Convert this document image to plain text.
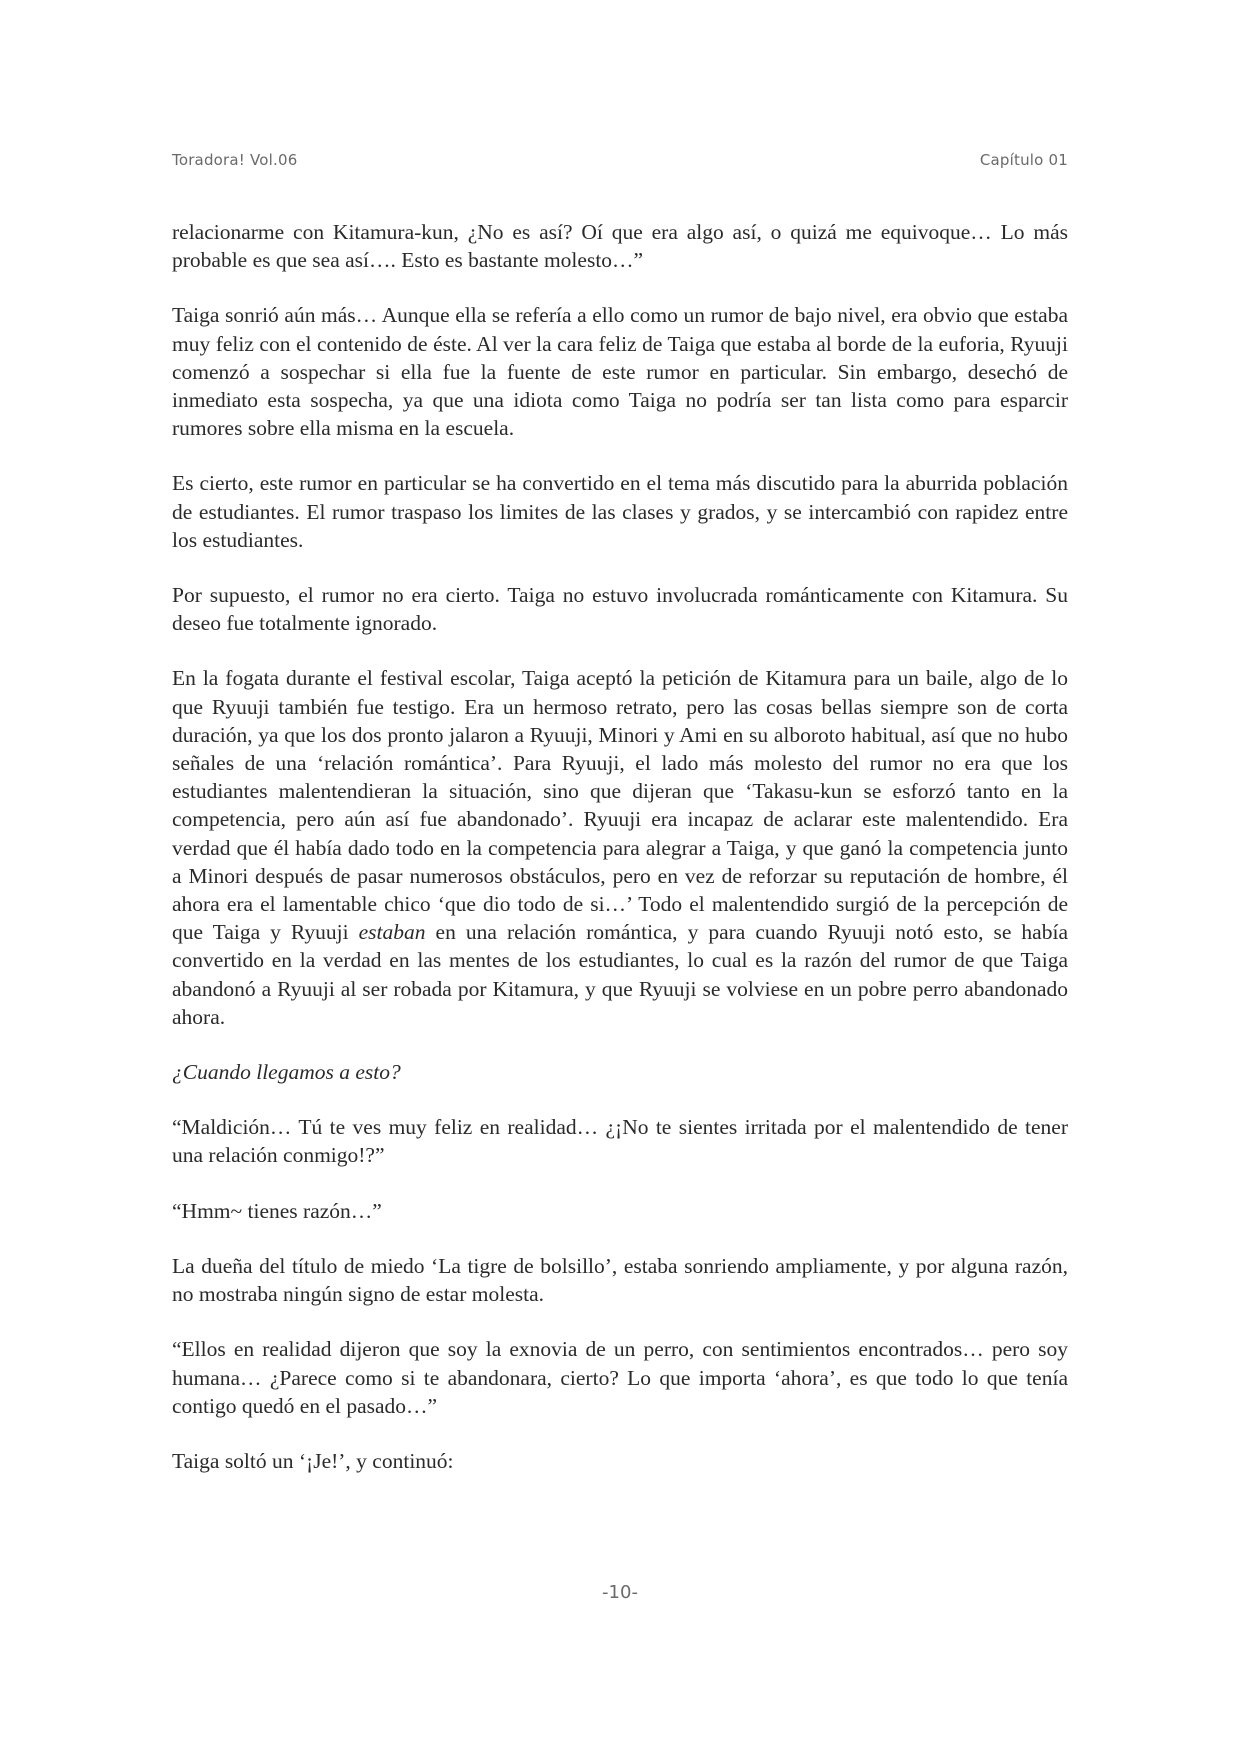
Toradora! Vol.06	Capítulo 01

relacionarme con Kitamura-kun, ¿No es así? Oí que era algo así, o quizá me equivoque… Lo más probable es que sea así…. Esto es bastante molesto…”

Taiga sonrió aún más… Aunque ella se refería a ello como un rumor de bajo nivel, era obvio que estaba muy feliz con el contenido de éste. Al ver la cara feliz de Taiga que estaba al borde de la euforia, Ryuuji comenzó a sospechar si ella fue la fuente de este rumor en particular. Sin embargo, desechó de inmediato esta sospecha, ya que una idiota como Taiga no podría ser tan lista como para esparcir rumores sobre ella misma en la escuela.

Es cierto, este rumor en particular se ha convertido en el tema más discutido para la aburrida población de estudiantes. El rumor traspaso los limites de las clases y grados, y se intercambió con rapidez entre los estudiantes.

Por supuesto, el rumor no era cierto. Taiga no estuvo involucrada románticamente con Kitamura. Su deseo fue totalmente ignorado.

En la fogata durante el festival escolar, Taiga aceptó la petición de Kitamura para un baile, algo de lo que Ryuuji también fue testigo. Era un hermoso retrato, pero las cosas bellas siempre son de corta duración, ya que los dos pronto jalaron a Ryuuji, Minori y Ami en su alboroto habitual, así que no hubo señales de una ‘relación romántica’. Para Ryuuji, el lado más molesto del rumor no era que los estudiantes malentendieran la situación, sino que dijeran que ‘Takasu-kun se esforzó tanto en la competencia, pero aún así fue abandonado’. Ryuuji era incapaz de aclarar este malentendido. Era verdad que él había dado todo en la competencia para alegrar a Taiga, y que ganó la competencia junto a Minori después de pasar numerosos obstáculos, pero en vez de reforzar su reputación de hombre, él ahora era el lamentable chico ‘que dio todo de si…’ Todo el malentendido surgió de la percepción de que Taiga y Ryuuji estaban en una relación romántica, y para cuando Ryuuji notó esto, se había convertido en la verdad en las mentes de los estudiantes, lo cual es la razón del rumor de que Taiga abandonó a Ryuuji al ser robada por Kitamura, y que Ryuuji se volviese en un pobre perro abandonado ahora.

¿Cuando llegamos a esto?

“Maldición… Tú te ves muy feliz en realidad… ¿¡No te sientes irritada por el malentendido de tener una relación conmigo!?”

“Hmm~ tienes razón…”

La dueña del título de miedo ‘La tigre de bolsillo’, estaba sonriendo ampliamente, y por alguna razón, no mostraba ningún signo de estar molesta.

“Ellos en realidad dijeron que soy la exnovia de un perro, con sentimientos encontrados… pero soy humana… ¿Parece como si te abandonara, cierto? Lo que importa ‘ahora’, es que todo lo que tenía contigo quedó en el pasado…”

Taiga soltó un ‘¡Je!’, y continuó:

-10-
